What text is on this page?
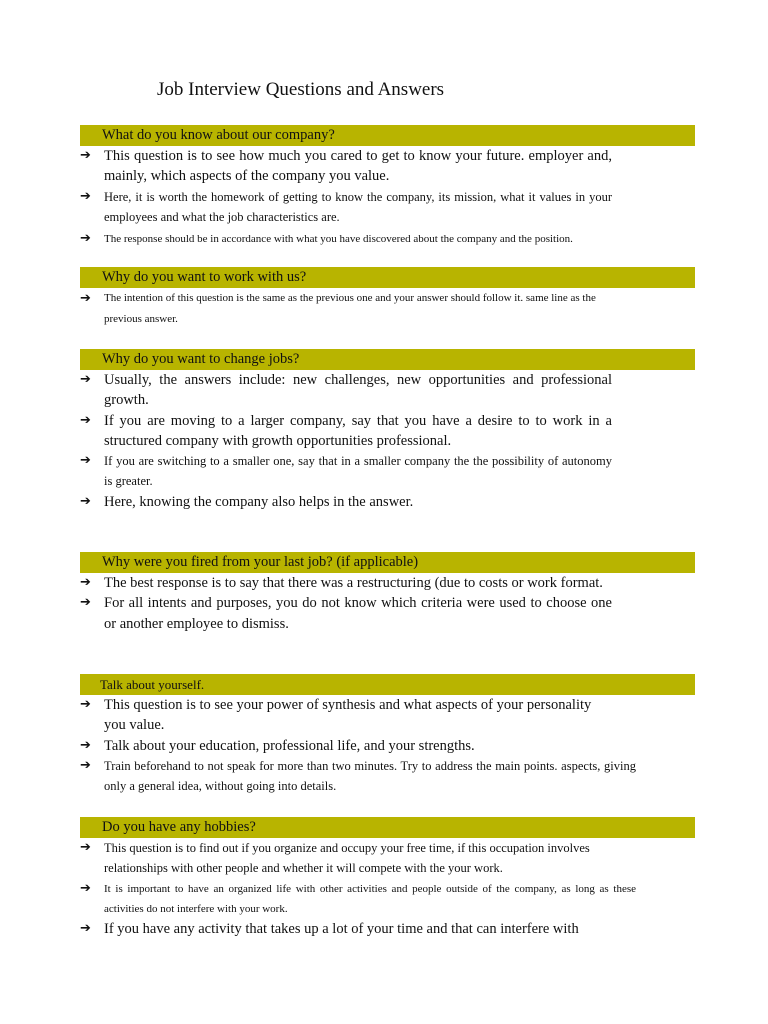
Job Interview Questions and Answers
What do you know about our company?
➔ This question is to see how much you cared to get to know your future. employer and, mainly, which aspects of the company you value.
➔ Here, it is worth the homework of getting to know the company, its mission, what it values in your employees and what the job characteristics are.
➔ The response should be in accordance with what you have discovered about the company and the position.
Why do you want to work with us?
➔ The intention of this question is the same as the previous one and your answer should follow it. same line as the previous answer.
Why do you want to change jobs?
➔ Usually, the answers include: new challenges, new opportunities and professional growth.
➔ If you are moving to a larger company, say that you have a desire to to work in a structured company with growth opportunities professional.
➔ If you are switching to a smaller one, say that in a smaller company the the possibility of autonomy is greater.
➔ Here, knowing the company also helps in the answer.
Why were you fired from your last job? (if applicable)
➔ The best response is to say that there was a restructuring (due to costs or work format.
➔ For all intents and purposes, you do not know which criteria were used to choose one or another employee to dismiss.
Talk about yourself.
➔ This question is to see your power of synthesis and what aspects of your personality you value.
➔ Talk about your education, professional life, and your strengths.
➔ Train beforehand to not speak for more than two minutes. Try to address the main points. aspects, giving only a general idea, without going into details.
Do you have any hobbies?
➔ This question is to find out if you organize and occupy your free time, if this occupation involves relationships with other people and whether it will compete with the your work.
➔ It is important to have an organized life with other activities and people outside of the company, as long as these activities do not interfere with your work.
➔ If you have any activity that takes up a lot of your time and that can interfere with
